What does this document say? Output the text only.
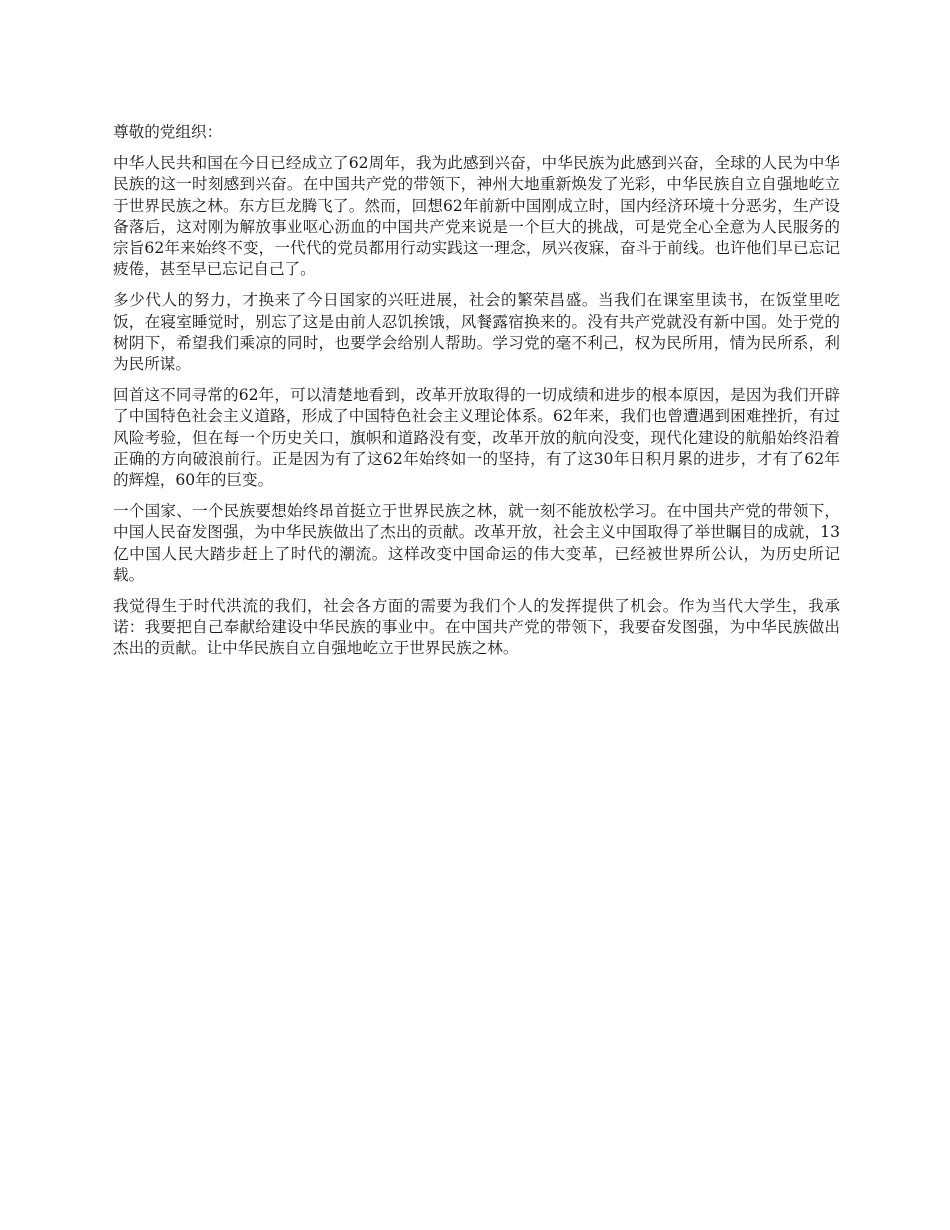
尊敬的党组织：

中华人民共和国在今日已经成立了62周年，我为此感到兴奋，中华民族为此感到兴奋，全球的人民为中华民族的这一时刻感到兴奋。在中国共产党的带领下，神州大地重新焕发了光彩，中华民族自立自强地屹立于世界民族之林。东方巨龙腾飞了。然而，回想62年前新中国刚成立时，国内经济环境十分恶劣，生产设备落后，这对刚为解放事业呕心沥血的中国共产党来说是一个巨大的挑战，可是党全心全意为人民服务的宗旨62年来始终不变，一代代的党员都用行动实践这一理念，夙兴夜寐，奋斗于前线。也许他们早已忘记疲倦，甚至早已忘记自己了。

多少代人的努力，才换来了今日国家的兴旺进展，社会的繁荣昌盛。当我们在课室里读书，在饭堂里吃饭，在寝室睡觉时，别忘了这是由前人忍饥挨饿，风餐露宿换来的。没有共产党就没有新中国。处于党的树阴下，希望我们乘凉的同时，也要学会给别人帮助。学习党的毫不利己，权为民所用，情为民所系，利为民所谋。

回首这不同寻常的62年，可以清楚地看到，改革开放取得的一切成绩和进步的根本原因，是因为我们开辟了中国特色社会主义道路，形成了中国特色社会主义理论体系。62年来，我们也曾遭遇到困难挫折，有过风险考验，但在每一个历史关口，旗帜和道路没有变，改革开放的航向没变，现代化建设的航船始终沿着正确的方向破浪前行。正是因为有了这62年始终如一的坚持，有了这30年日积月累的进步，才有了62年的辉煌，60年的巨变。

一个国家、一个民族要想始终昂首挺立于世界民族之林，就一刻不能放松学习。在中国共产党的带领下，中国人民奋发图强，为中华民族做出了杰出的贡献。改革开放，社会主义中国取得了举世瞩目的成就，13亿中国人民大踏步赶上了时代的潮流。这样改变中国命运的伟大变革，已经被世界所公认，为历史所记载。

我觉得生于时代洪流的我们，社会各方面的需要为我们个人的发挥提供了机会。作为当代大学生，我承诺：我要把自己奉献给建设中华民族的事业中。在中国共产党的带领下，我要奋发图强，为中华民族做出杰出的贡献。让中华民族自立自强地屹立于世界民族之林。
